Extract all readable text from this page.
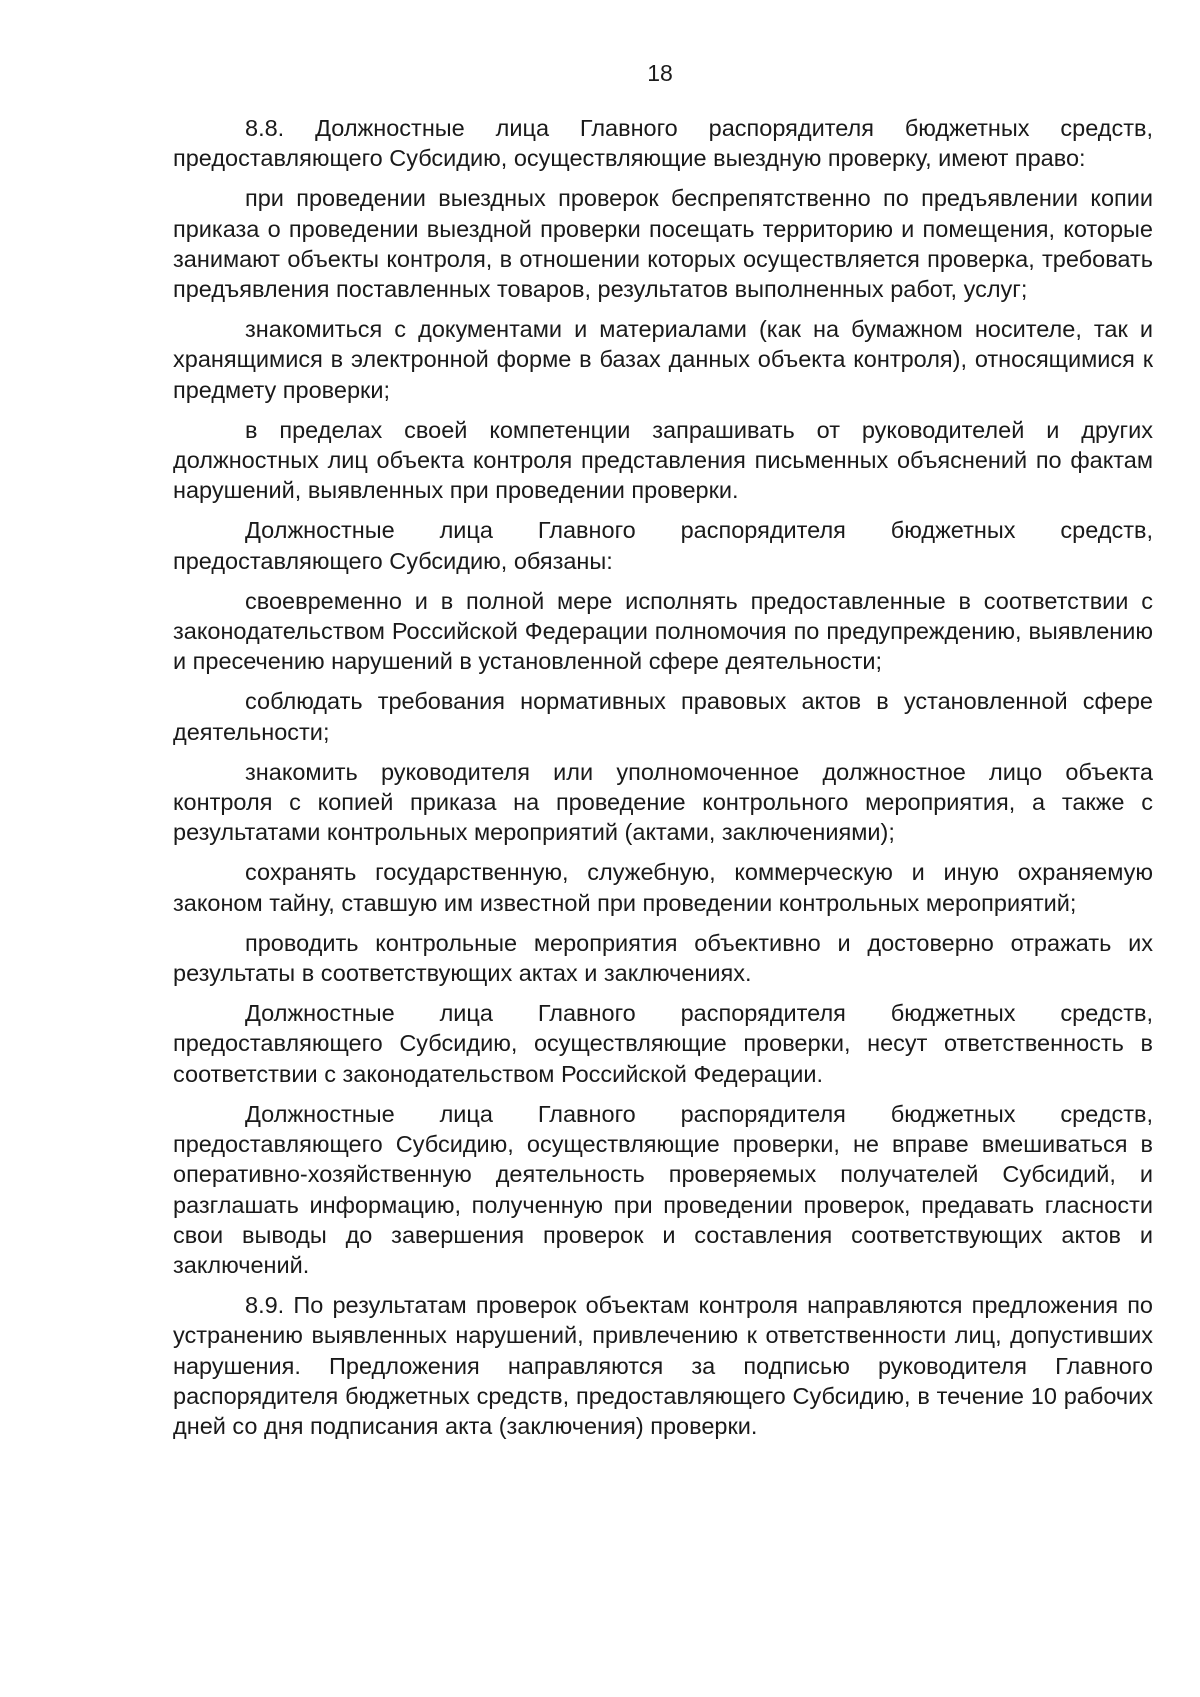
18

8.8. Должностные лица Главного распорядителя бюджетных средств, предоставляющего Субсидию, осуществляющие выездную проверку, имеют право:

при проведении выездных проверок беспрепятственно по предъявлении копии приказа о проведении выездной проверки посещать территорию и помещения, которые занимают объекты контроля, в отношении которых осуществляется проверка, требовать предъявления поставленных товаров, результатов выполненных работ, услуг;

знакомиться с документами и материалами (как на бумажном носителе, так и хранящимися в электронной форме в базах данных объекта контроля), относящимися к предмету проверки;

в пределах своей компетенции запрашивать от руководителей и других должностных лиц объекта контроля представления письменных объяснений по фактам нарушений, выявленных при проведении проверки.

Должностные лица Главного распорядителя бюджетных средств, предоставляющего Субсидию, обязаны:

своевременно и в полной мере исполнять предоставленные в соответствии с законодательством Российской Федерации полномочия по предупреждению, выявлению и пресечению нарушений в установленной сфере деятельности;

соблюдать требования нормативных правовых актов в установленной сфере деятельности;

знакомить руководителя или уполномоченное должностное лицо объекта контроля с копией приказа на проведение контрольного мероприятия, а также с результатами контрольных мероприятий (актами, заключениями);

сохранять государственную, служебную, коммерческую и иную охраняемую законом тайну, ставшую им известной при проведении контрольных мероприятий;

проводить контрольные мероприятия объективно и достоверно отражать их результаты в соответствующих актах и заключениях.

Должностные лица Главного распорядителя бюджетных средств, предоставляющего Субсидию, осуществляющие проверки, несут ответственность в соответствии с законодательством Российской Федерации.

Должностные лица Главного распорядителя бюджетных средств, предоставляющего Субсидию, осуществляющие проверки, не вправе вмешиваться в оперативно-хозяйственную деятельность проверяемых получателей Субсидий, и разглашать информацию, полученную при проведении проверок, предавать гласности свои выводы до завершения проверок и составления соответствующих актов и заключений.

8.9. По результатам проверок объектам контроля направляются предложения по устранению выявленных нарушений, привлечению к ответственности лиц, допустивших нарушения. Предложения направляются за подписью руководителя Главного распорядителя бюджетных средств, предоставляющего Субсидию, в течение 10 рабочих дней со дня подписания акта (заключения) проверки.
